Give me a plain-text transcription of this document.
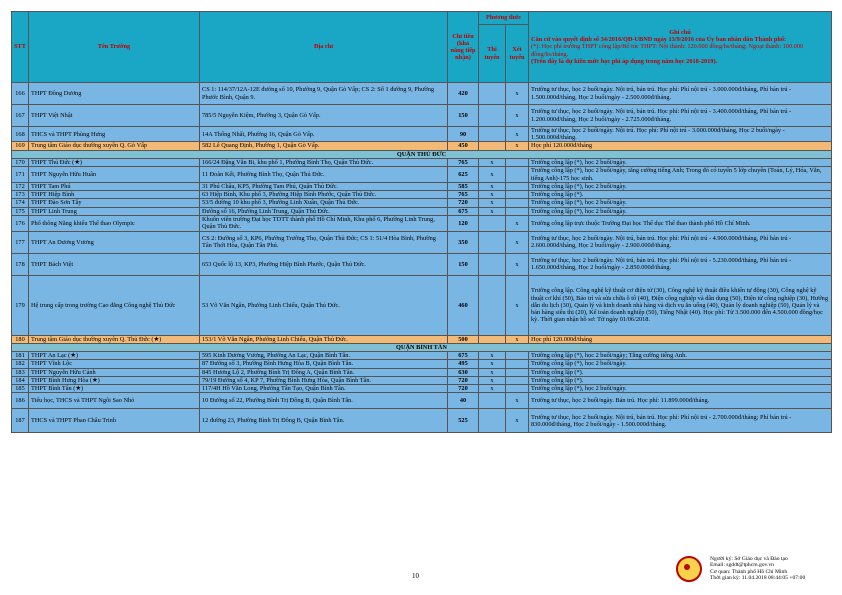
STT	Tên Trường	Địa chỉ	Chỉ tiêu (khả năng tiếp nhận)	Phương thức		Ghi chú
Căn cứ vào quyết định số 34/2016/QĐ-UBND ngày 13/9/2016 của Ủy ban nhân dân Thành phố:
(*): Học phí trường THPT công lập/Bổ túc THPT: Nội thành: 120.000 đồng/hs/tháng; Ngoại thành: 100.000 đồng/hs/tháng.
(Trên đây là dự kiến mức học phí áp dụng trong năm học 2018-2019).

				Thi tuyển	Xét tuyển	
166	THPT Đông Dương	CS 1: 114/37/12A-12E đường số 10, Phường 9, Quận Gò Vấp; CS 2: Số 1 đường 9, Phường Phước Bình, Quận 9.	420		x	Trường tư thục, học 2 buổi/ngày. Nội trú, bán trú. Học phí: Phí nội trú - 3.000.000đ/tháng, Phí bán trú - 1.500.000đ/tháng, Học 2 buổi/ngày - 2.500.000đ/tháng.
167	THPT Việt Nhật	785/5 Nguyễn Kiệm, Phường 3, Quận Gò Vấp.	150		x	Trường tư thục, học 2 buổi/ngày. Nội trú, bán trú. Học phí: Phí nội trú - 3.400.000đ/tháng, Phí bán trú - 1.200.000đ/tháng, Học 2 buổi/ngày - 2.725.000đ/tháng.
168	THCS và THPT Phùng Hưng	14A Thống Nhất, Phường 16, Quận Gò Vấp.	90		x	Trường tư thục, học 2 buổi/ngày. Nội trú. Học phí: Phí nội trú - 3.000.000đ/tháng, Học 2 buổi/ngày - 1.500.000đ/tháng.
169	Trung tâm Giáo dục thường xuyên Q. Gò Vấp	582 Lê Quang Định, Phường 1, Quận Gò Vấp.	450		x	Học phí 120.000đ/tháng
QUẬN THỦ ĐỨC						
170	THPT Thủ Đức (★)	166/24 Đặng Văn Bi, khu phố 1, Phường Bình Thọ, Quận Thủ Đức.	765	x		Trường công lập (*), học 2 buổi/ngày.
171	THPT Nguyễn Hữu Huân	11 Đoàn Kết, Phường Bình Thọ, Quận Thủ Đức.	625	x		Trường công lập (*), học 2 buổi/ngày, tăng cường tiếng Anh; Trong đó có tuyển 5 lớp chuyên (Toán, Lý, Hóa, Văn, tiếng Anh)-175 học sinh.
172	THPT Tam Phú	31 Phú Châu, KP5, Phường Tam Phú, Quận Thủ Đức.	585	x		Trường công lập (*), học 2 buổi/ngày.
173	THPT Hiệp Bình	63 Hiệp Bình, Khu phố 3, Phường Hiệp Bình Phước, Quận Thủ Đức.	765	x		Trường công lập (*).
174	THPT Đào Sơn Tây	53/5 đường 10 khu phố 3, Phường Linh Xuân, Quận Thủ Đức.	720	x		Trường công lập (*), học 2 buổi/ngày.
175	THPT Linh Trung	Đường số 16, Phường Linh Trung, Quận Thủ Đức.	675	x		Trường công lập (*), học 2 buổi/ngày.
176	Phổ thông Năng khiếu Thể thao Olympic	Khuôn viên trường Đại học TDTT thành phố Hồ Chí Minh, Khu phố 6, Phường Linh Trung, Quận Thủ Đức.	120		x	Trường công lập trực thuộc Trường Đại học Thể dục Thể thao thành phố Hồ Chí Minh.
177	THPT An Dương Vương	CS 2: Đường số 3, KP6, Phường Trường Thọ, Quận Thủ Đức; CS 1: 51/4 Hòa Bình, Phường Tân Thới Hòa, Quận Tân Phú.	350		x	Trường tư thục, học 2 buổi/ngày. Nội trú, bán trú. Học phí: Phí nội trú - 4.900.000đ/tháng, Phí bán trú - 2.600.000đ/tháng, Học 2 buổi/ngày - 2.900.000đ/tháng.
178	THPT Bách Việt	653 Quốc lộ 13, KP3, Phường Hiệp Bình Phước, Quận Thủ Đức.	150		x	Trường tư thục, học 2 buổi/ngày. Nội trú, bán trú. Học phí: Phí nội trú - 5.230.000đ/tháng, Phí bán trú - 1.650.000đ/tháng, Học 2 buổi/ngày - 2.850.000đ/tháng.
179	Hệ trung cấp trong trường Cao đẳng Công nghệ Thủ Đức	53 Võ Văn Ngân, Phường Linh Chiểu, Quận Thủ Đức.	460		x	Trường công lập. Công nghệ kỹ thuật cơ điện tử (30), Công nghệ kỹ thuật điều khiển tự động (30), Công nghệ kỹ thuật cơ khí (50), Bảo trì và sửa chữa ô tô (40), Điện công nghiệp và dân dụng (50), Điện tử công nghiệp (30), Hướng dẫn du lịch (30), Quản lý và kinh doanh nhà hàng và dịch vụ ăn uống (40), Quản lý doanh nghiệp (50), Quản lý và bán hàng siêu thị (20), Kế toán doanh nghiệp (50), Tiếng Nhật (40). Học phí: Từ 3.500.000 đến 4.500.000 đồng/học kỳ. Thời gian nhận hồ sơ: Từ ngày 01/06/2018.
180	Trung tâm Giáo dục thường xuyên Q. Thủ Đức (★)	153/1 Võ Văn Ngân, Phường Linh Chiểu, Quận Thủ Đức.	500		x	Học phí 120.000đ/tháng
QUẬN BÌNH TÂN						
181	THPT An Lạc (★)	595 Kinh Dương Vương, Phường An Lạc, Quận Bình Tân.	675	x		Trường công lập (*), học 2 buổi/ngày; Tăng cường tiếng Anh.
182	THPT Vĩnh Lộc	87 Đường số 3, Phường Bình Hưng Hòa B, Quận Bình Tân.	495	x		Trường công lập (*), học 2 buổi/ngày.
183	THPT Nguyễn Hữu Cảnh	845 Hương Lộ 2, Phường Bình Trị Đông A, Quận Bình Tân.	630	x		Trường công lập (*).
184	THPT Bình Hưng Hòa (★)	79/19 Đường số 4, KP 7, Phường Bình Hưng Hòa, Quận Bình Tân.	720	x		Trường công lập (*).
185	THPT Bình Tân (★)	117/4H Hồ Văn Long, Phường Tân Tạo, Quận Bình Tân.	720	x		Trường công lập (*), học 2 buổi/ngày.
186	Tiểu học, THCS và THPT Ngôi Sao Nhỏ	10 Đường số 22, Phường Bình Trị Đông B, Quận Bình Tân.	40		x	Trường tư thục, học 2 buổi/ngày. Bán trú. Học phí: 11.899.000đ/tháng.
187	THCS và THPT Phan Châu Trinh	12 đường 23, Phường Bình Trị Đông B, Quận Bình Tân.	525		x	Trường tư thục, học 2 buổi/ngày. Nội trú, bán trú. Học phí: Phí nội trú - 2.700.000đ/tháng; Phí bán trú - 830.000đ/tháng, Học 2 buổi/ngày - 1.500.000đ/tháng.
10
Người ký: Sở Giáo dục và Đào tạo
Email: sgddt@tphcm.gov.vn
Cơ quan: Thành phố Hồ Chí Minh
Thời gian ký: 11.04.2018 08:44:05 +07:00
